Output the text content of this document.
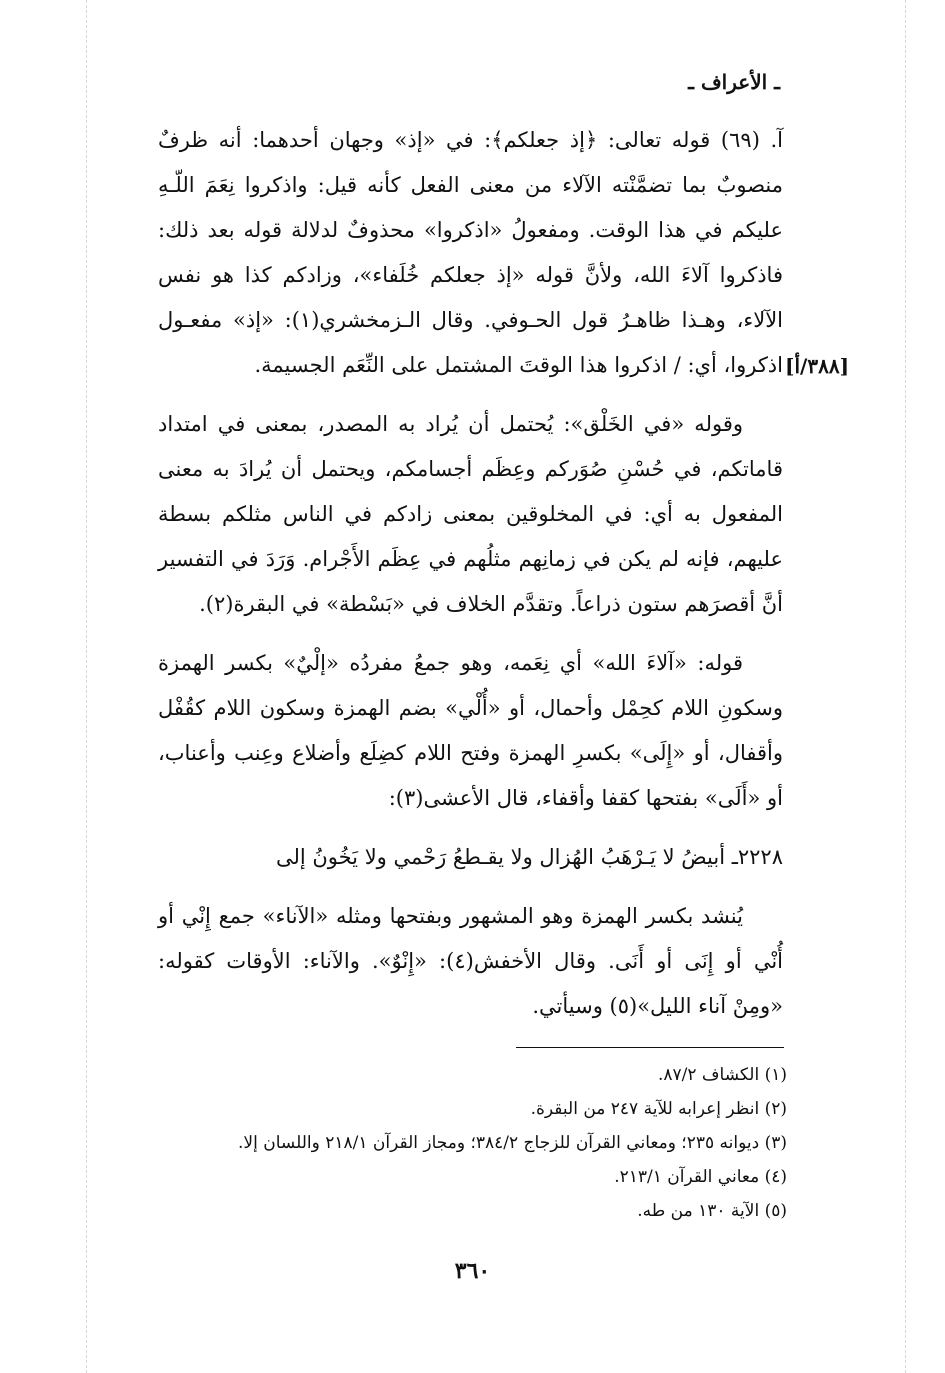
ـ الأعراف ـ
[٣٨٨/أ]

آ. (٦٩) قوله تعالى: ﴿إذ جعلكم﴾: في «إذ» وجهان أحدهما: أنه ظرفٌ منصوبٌ بما تضمَّنْته الآلاء من معنى الفعل كأنه قيل: واذكروا نِعَمَ اللّـهِ عليكم في هذا الوقت. ومفعولُ «اذكروا» محذوفٌ لدلالة قوله بعد ذلك: فاذكروا آلاءَ الله، ولأنَّ قوله «إذ جعلكم خُلَفاء»، وزادكم كذا هو نفس الآلاء، وهـذا ظاهـرُ قول الحـوفي. وقال الـزمخشري(١): «إذ» مفعـول اذكروا، أي: / اذكروا هذا الوقتَ المشتمل على النِّعَم الجسيمة.

وقوله «في الخَلْق»: يُحتمل أن يُراد به المصدر، بمعنى في امتداد قاماتكم، في حُسْنِ صُوَركم وعِظَم أجسامكم، ويحتمل أن يُرادَ به معنى المفعول به أي: في المخلوقين بمعنى زادكم في الناس مثلكم بسطة عليهم، فإنه لم يكن في زمانِهم مثلُهم في عِظَم الأَجْرام. وَرَدَ في التفسير أنَّ أقصرَهم ستون ذراعاً. وتقدَّم الخلاف في «بَسْطة» في البقرة(٢).

قوله: «آلاءَ الله» أي نِعَمه، وهو جمعُ مفردُه «إلْيٌ» بكسر الهمزة وسكونِ اللام كحِمْل وأحمال، أو «أُلْي» بضم الهمزة وسكون اللام كقُفْل وأقفال، أو «إِلَى» بكسرِ الهمزة وفتح اللام كضِلَع وأضلاع وعِنب وأعناب، أو «أَلَى» بفتحها كقفا وأقفاء، قال الأعشى(٣):

٢٢٢٨ـ أبيضُ لا يَـرْهَبُ الهُزال ولا يقـطعُ رَحْمي ولا يَخُونُ إلى

يُنشد بكسر الهمزة وهو المشهور وبفتحها ومثله «الآناء» جمع إِنْي أو أُنْي أو إِنَى أو أَنَى. وقال الأخفش(٤): «إِنْوٌ». والآناء: الأوقات كقوله: «ومِنْ آناء الليل»(٥) وسيأتي.

(١) الكشاف ٨٧/٢.
(٢) انظر إعرابه للآية ٢٤٧ من البقرة.
(٣) ديوانه ٢٣٥؛ ومعاني القرآن للزجاج ٣٨٤/٢؛ ومجاز القرآن ٢١٨/١ واللسان إلا.
(٤) معاني القرآن ٢١٣/١.
(٥) الآية ١٣٠ من طه.
٣٦٠
